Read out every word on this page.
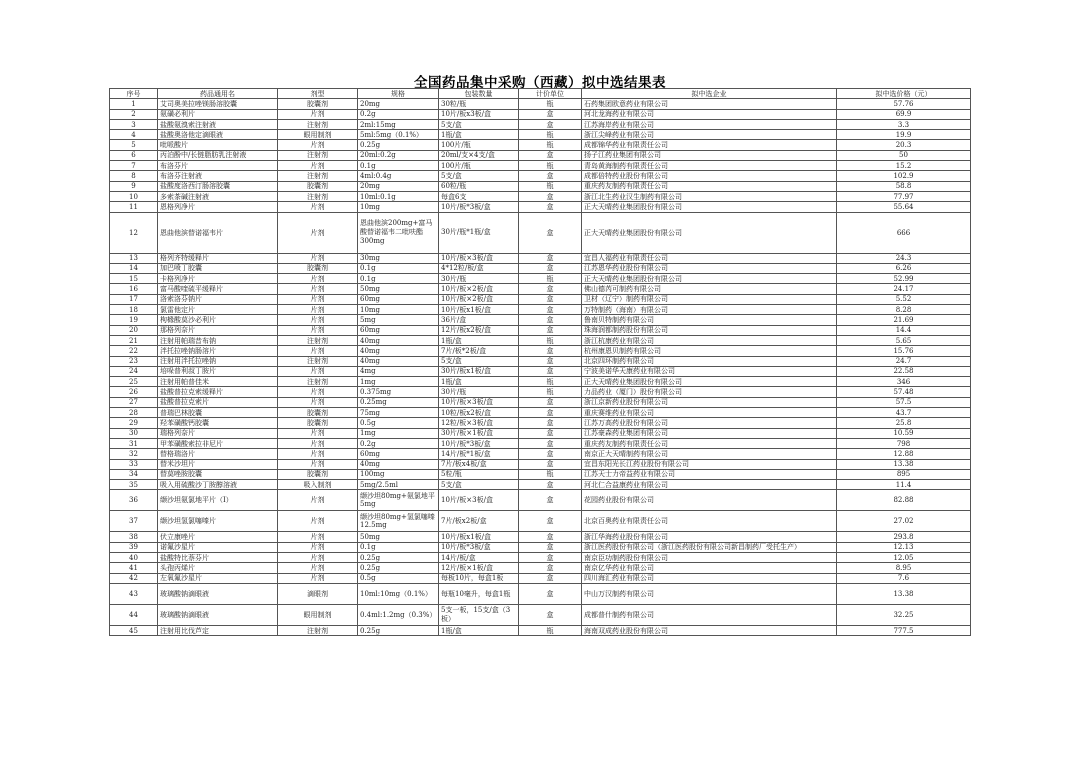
全国药品集中采购（西藏）拟中选结果表
序号	药品通用名	剂型	规格	包装数量	计价单位	拟中选企业	拟中选价格（元）
1	艾司奥美拉唑镁肠溶胶囊	胶囊剂	20mg	30粒/瓶	瓶	石药集团欧意药业有限公司	57.76
2	氨磺必利片	片剂	0.2g	10片/板x3板/盒	盒	河北龙海药业有限公司	69.9
3	盐酸氨溴索注射液	注射剂	2ml:15mg	5支/盒	盒	江苏海岸药业有限公司	3.3
4	盐酸奥洛他定滴眼液	眼用制剂	5ml:5mg（0.1%）	1瓶/盒	瓶	浙江尖峰药业有限公司	19.9
5	吡哌酸片	片剂	0.25g	100片/瓶	瓶	成都锦华药业有限责任公司	20.3
6	丙泊酚中/长链脂肪乳注射液	注射剂	20ml:0.2g	20ml/支×4支/盒	盒	扬子江药业集团有限公司	50
7	布洛芬片	片剂	0.1g	100片/瓶	瓶	青岛黄海制药有限责任公司	15.2
8	布洛芬注射液	注射剂	4ml:0.4g	5支/盒	盒	成都倍特药业股份有限公司	102.9
9	盐酸度洛西汀肠溶胶囊	胶囊剂	20mg	60粒/瓶	瓶	重庆药友制药有限责任公司	58.8
10	多索茶碱注射液	注射剂	10ml:0.1g	每盒6支	盒	浙江北生药业汉生制药有限公司	77.97
11	恩格列净片	片剂	10mg	10片/板*3板/盒	盒	正大天晴药业集团股份有限公司	55.64
12	恩曲他滨替诺福韦片	片剂	恩曲他滨200mg+富马酸替诺福韦二吡呋酯300mg	30片/瓶*1瓶/盒	盒	正大天晴药业集团股份有限公司	666
13	格列齐特缓释片	片剂	30mg	10片/板×3板/盒	盒	宜昌人福药业有限责任公司	24.3
14	加巴喷丁胶囊	胶囊剂	0.1g	4*12粒/板/盒	盒	江苏恩华药业股份有限公司	6.26
15	卡格列净片	片剂	0.1g	30片/瓶	瓶	正大天晴药业集团股份有限公司	52.99
16	富马酸喹硫平缓释片	片剂	50mg	10片/板×2板/盒	盒	佛山德芮可制药有限公司	24.17
17	洛索洛芬钠片	片剂	60mg	10片/板×2板/盒	盒	卫材（辽宁）制药有限公司	5.52
18	氯雷他定片	片剂	10mg	10片/板x1板/盒	盒	万特制药（海南）有限公司	8.28
19	枸橼酸莫沙必利片	片剂	5mg	36片/盒	盒	鲁南贝特制药有限公司	21.69
20	那格列奈片	片剂	60mg	12片/板x2板/盒	盒	珠海润都制药股份有限公司	14.4
21	注射用帕瑞昔布钠	注射剂	40mg	1瓶/盒	瓶	浙江杭康药业有限公司	5.65
22	泮托拉唑钠肠溶片	片剂	40mg	7片/板*2板/盒	盒	杭州康恩贝制药有限公司	15.76
23	注射用泮托拉唑钠	注射剂	40mg	5支/盒	盒	北京四环制药有限公司	24.7
24	培哚普利叔丁胺片	片剂	4mg	30片/板x1板/盒	盒	宁波美诺华天康药业有限公司	22.58
25	注射用帕普佳米	注射剂	1mg	1瓶/盒	瓶	正大天晴药业集团股份有限公司	346
26	盐酸普拉克索缓释片	片剂	0.375mg	30片/瓶	瓶	力品药业（厦门）股份有限公司	57.48
27	盐酸普拉克索片	片剂	0.25mg	10片/板×3板/盒	盒	浙江京新药业股份有限公司	57.5
28	普瑞巴林胶囊	胶囊剂	75mg	10粒/板x2板/盒	盒	重庆赛维药业有限公司	43.7
29	羟苯磺酸钙胶囊	胶囊剂	0.5g	12粒/板×3板/盒	盒	江苏万高药业股份有限公司	25.8
30	瑞格列奈片	片剂	1mg	30片/板×1板/盒	盒	江苏豪森药业集团有限公司	10.59
31	甲苯磺酸索拉非尼片	片剂	0.2g	10片/板*3板/盒	盒	重庆药友制药有限责任公司	798
32	替格瑞洛片	片剂	60mg	14片/板*1板/盒	盒	南京正大天晴制药有限公司	12.88
33	替米沙坦片	片剂	40mg	7片/板x4板/盒	盒	宜昌东阳光长江药业股份有限公司	13.38
34	替莫唑胺胶囊	胶囊剂	100mg	5粒/瓶	瓶	江苏天士力帝益药业有限公司	895
35	吸入用硫酸沙丁胺醇溶液	吸入制剂	5mg/2.5ml	5支/盒	盒	河北仁合益康药业有限公司	11.4
36	缬沙坦氨氯地平片（Ⅰ）	片剂	缬沙坦80mg+氨氯地平5mg	10片/板×3板/盒	盒	花园药业股份有限公司	82.88
37	缬沙坦氢氯噻嗪片	片剂	缬沙坦80mg+氢氯噻嗪12.5mg	7片/板x2板/盒	盒	北京百奥药业有限责任公司	27.02
38	伏立康唑片	片剂	50mg	10片/板x1板/盒	盒	浙江华海药业股份有限公司	293.8
39	诺氟沙星片	片剂	0.1g	10片/板*3板/盒	盒	浙江医药股份有限公司（浙江医药股份有限公司新昌制药厂受托生产）	12.13
40	盐酸特比萘芬片	片剂	0.25g	14片/板/盒	盒	南京臣功制药股份有限公司	12.05
41	头孢丙烯片	片剂	0.25g	12片/板×1板/盒	盒	南京亿华药业有限公司	8.95
42	左氧氟沙星片	片剂	0.5g	每板10片，每盒1板	盒	四川海汇药业有限公司	7.6
43	玻璃酸钠滴眼液	滴眼剂	10ml:10mg（0.1%）	每瓶10毫升，每盒1瓶	盒	中山万汉制药有限公司	13.38
44	玻璃酸钠滴眼液	眼用制剂	0.4ml:1.2mg（0.3%）	5支一板，15支/盒（3板）	盒	成都普什制药有限公司	32.25
45	注射用比伐芦定	注射剂	0.25g	1瓶/盒	瓶	海南双成药业股份有限公司	777.5
